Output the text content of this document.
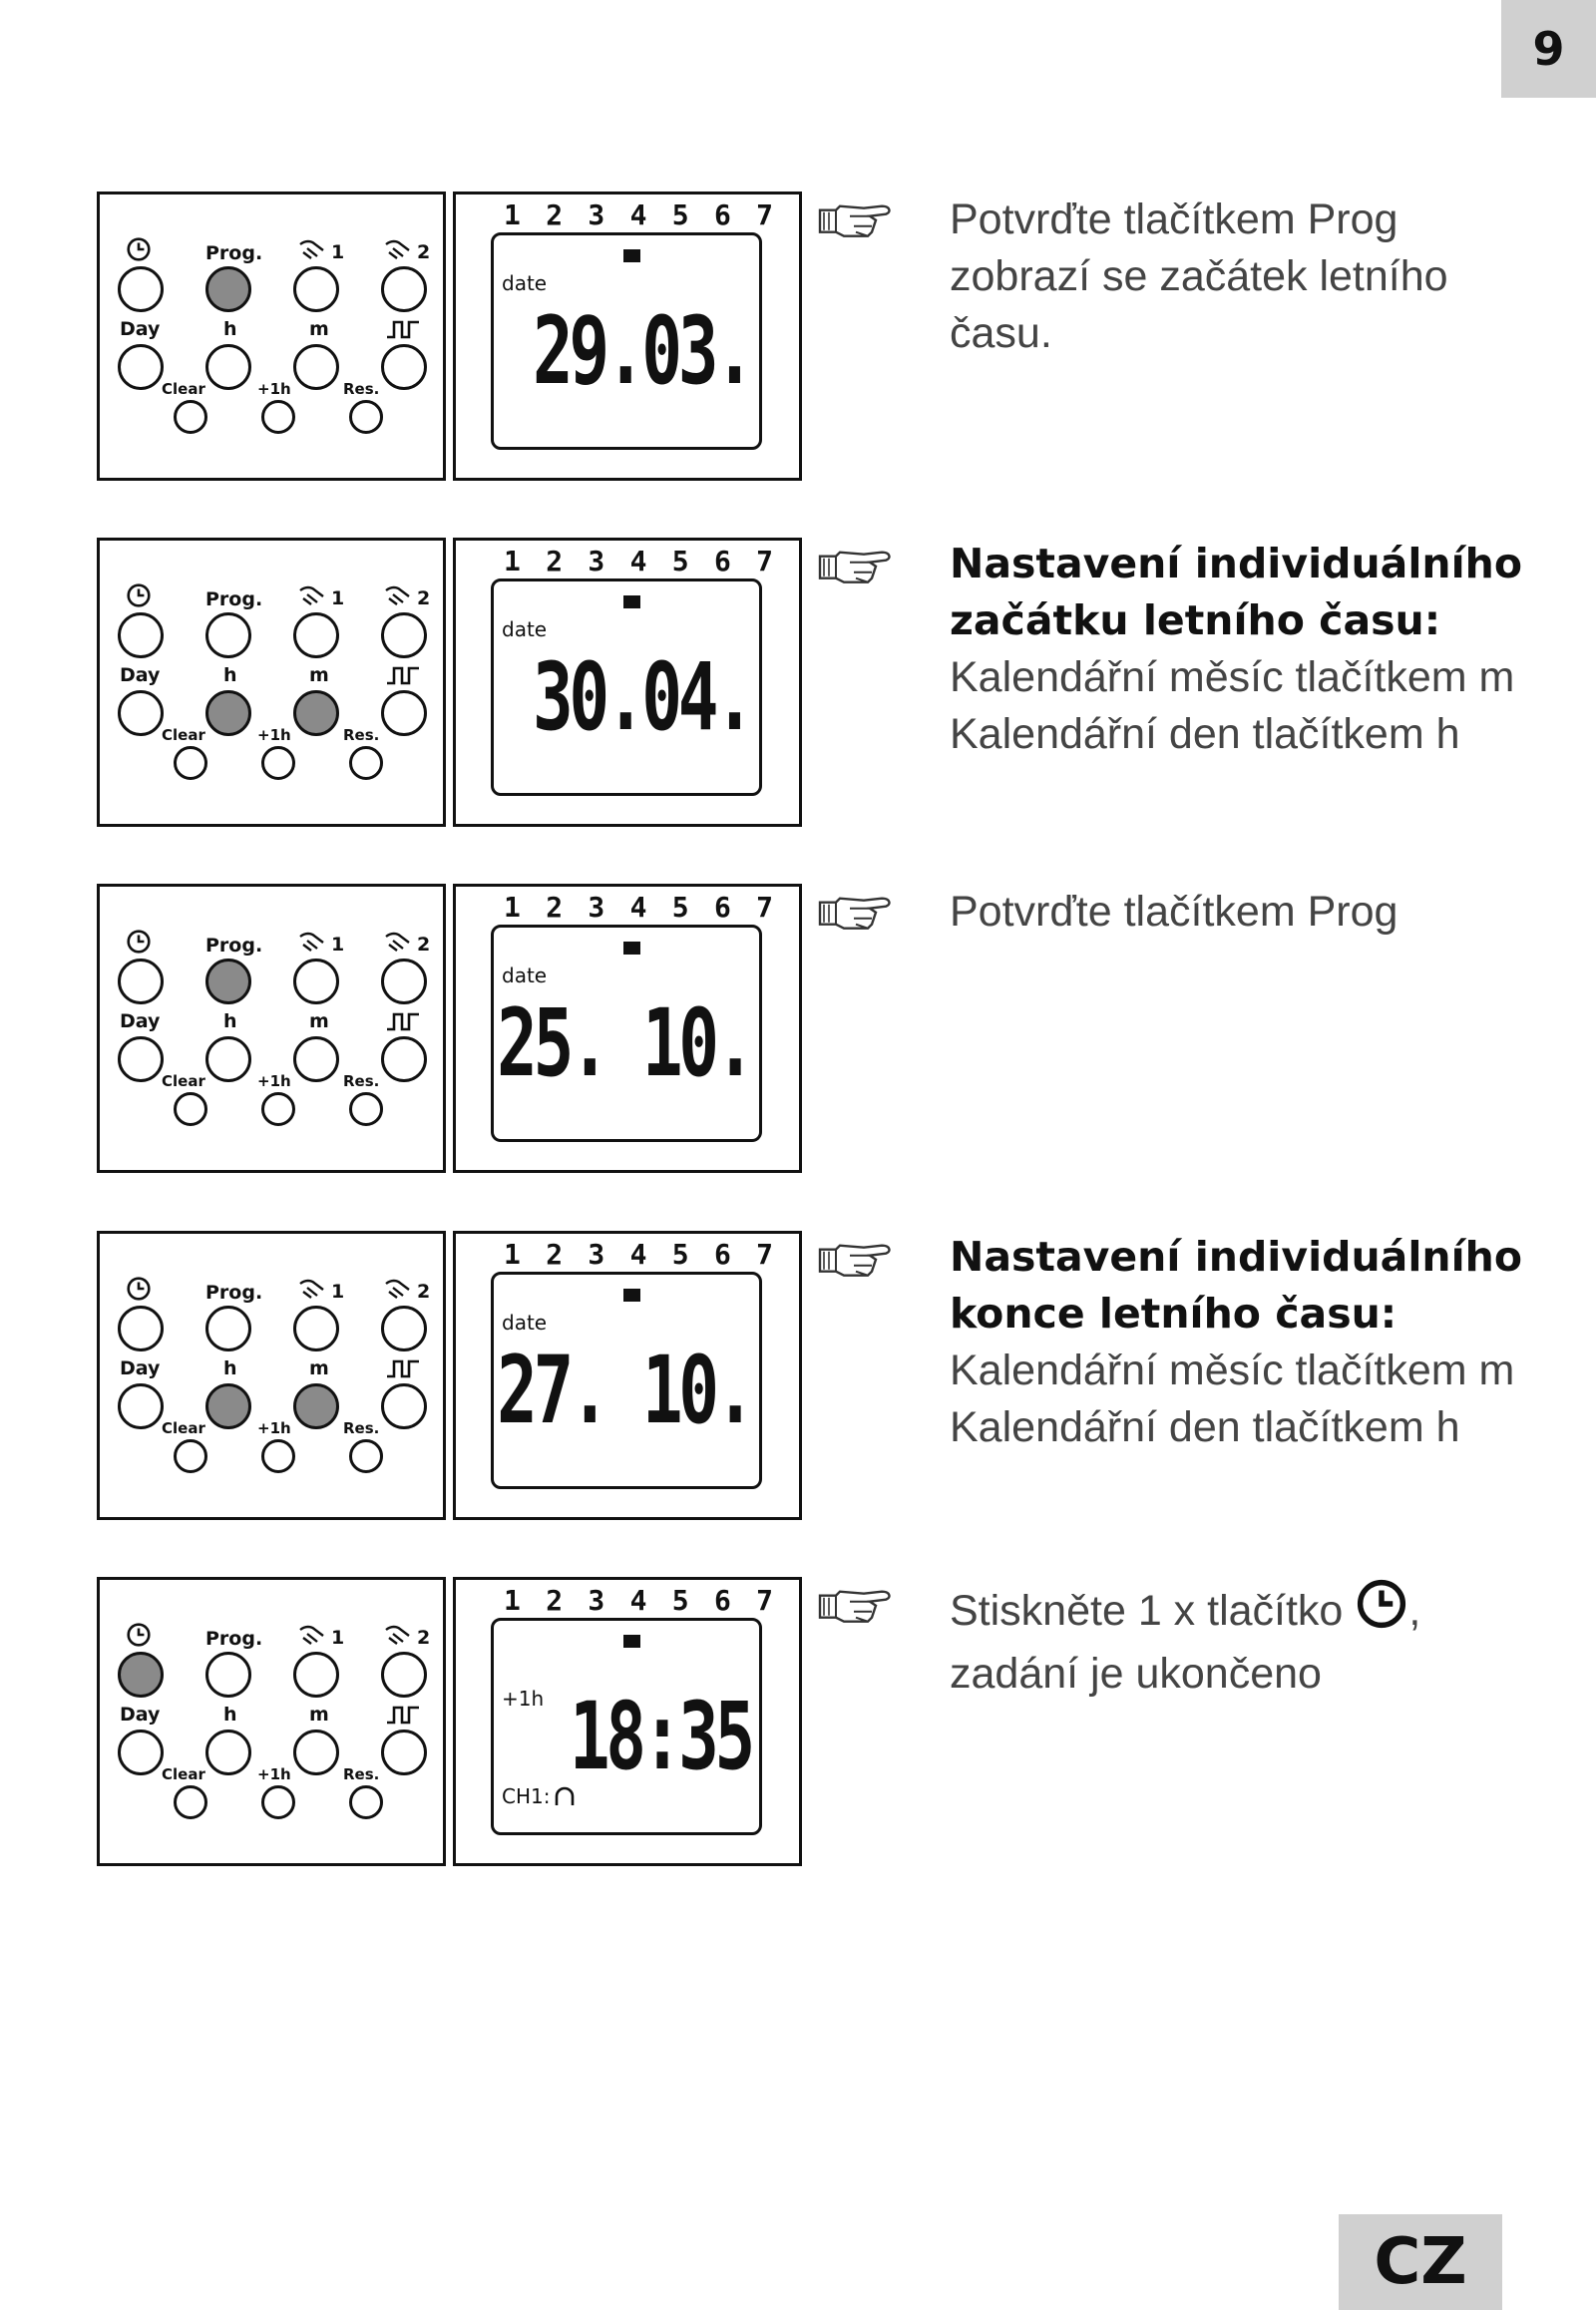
9
CZ
Prog.	1	2
Day	h	m
Clear	+1h	Res.
1 2 3 4 5 6 7
date
29.03.
Potvrďte tlačítkem Prog
zobrazí se začátek letního
času.
Prog.	1	2
Day	h	m
Clear	+1h	Res.
1 2 3 4 5 6 7
date
30.04.
Nastavení individuálního
začátku letního času:
Kalendářní měsíc tlačítkem m
Kalendářní den tlačítkem h
Prog.	1	2
Day	h	m
Clear	+1h	Res.
1 2 3 4 5 6 7
date
25. 10.
Potvrďte tlačítkem Prog
Prog.	1	2
Day	h	m
Clear	+1h	Res.
1 2 3 4 5 6 7
date
27. 10.
Nastavení individuálního
konce letního času:
Kalendářní měsíc tlačítkem m
Kalendářní den tlačítkem h
Prog.	1	2
Day	h	m
Clear	+1h	Res.
1 2 3 4 5 6 7
+1h 18:35
CH1:
Stiskněte 1 x tlačítko ,
zadání je ukončeno
